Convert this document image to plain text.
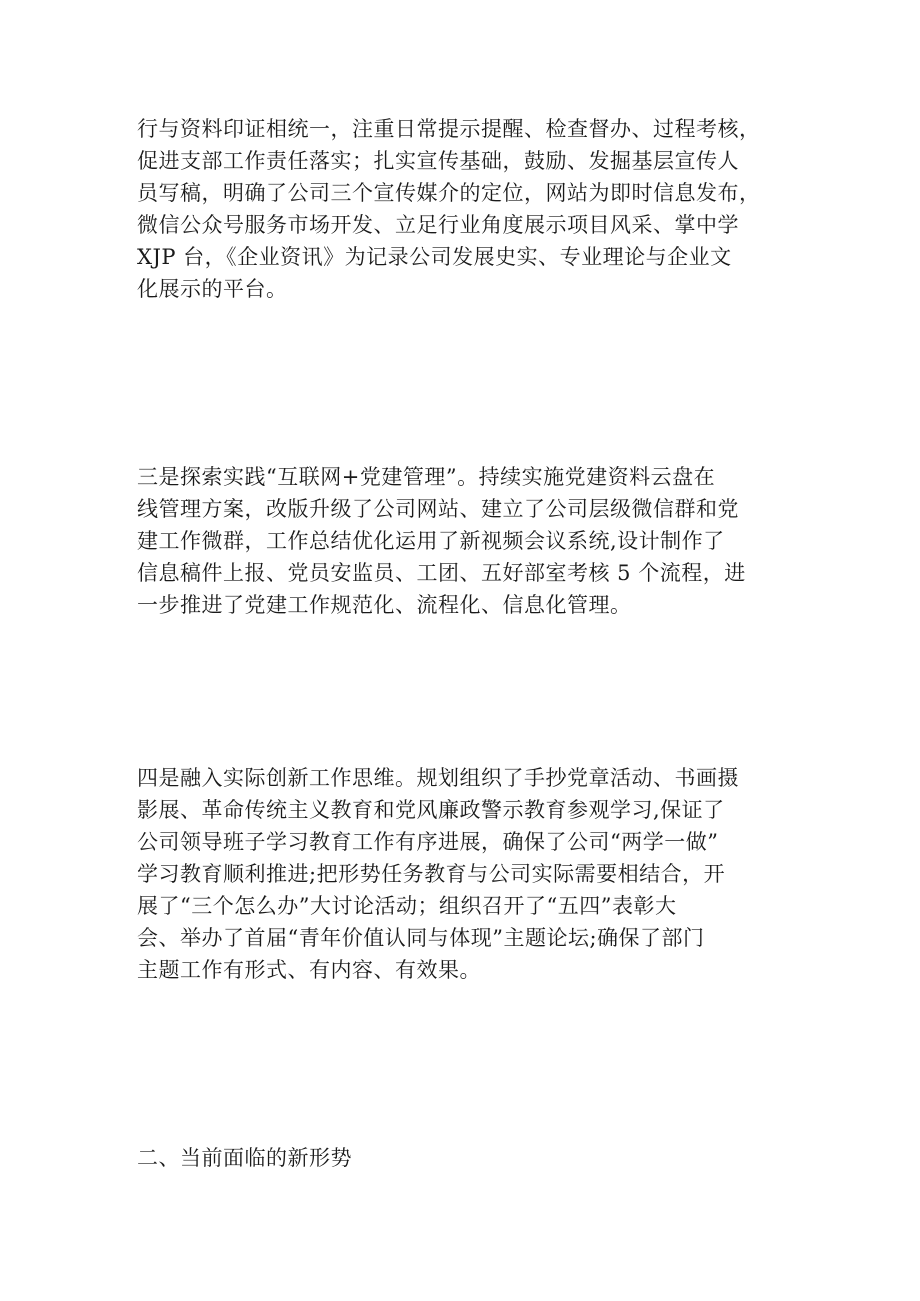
行与资料印证相统一，注重日常提示提醒、检查督办、过程考核，
促进支部工作责任落实；扎实宣传基础，鼓励、发掘基层宣传人
员写稿，明确了公司三个宣传媒介的定位，网站为即时信息发布，
微信公众号服务市场开发、立足行业角度展示项目风采、掌中学
XJP 台，《企业资讯》为记录公司发展史实、专业理论与企业文
化展示的平台。

三是探索实践“互联网+党建管理”。持续实施党建资料云盘在
线管理方案，改版升级了公司网站、建立了公司层级微信群和党
建工作微群，工作总结优化运用了新视频会议系统,设计制作了
信息稿件上报、党员安监员、工团、五好部室考核 5 个流程，进
一步推进了党建工作规范化、流程化、信息化管理。

四是融入实际创新工作思维。规划组织了手抄党章活动、书画摄
影展、革命传统主义教育和党风廉政警示教育参观学习,保证了
公司领导班子学习教育工作有序进展，确保了公司“两学一做”
学习教育顺利推进;把形势任务教育与公司实际需要相结合，开
展了“三个怎么办”大讨论活动；组织召开了“五四”表彰大
会、举办了首届“青年价值认同与体现”主题论坛;确保了部门
主题工作有形式、有内容、有效果。

二、当前面临的新形势
